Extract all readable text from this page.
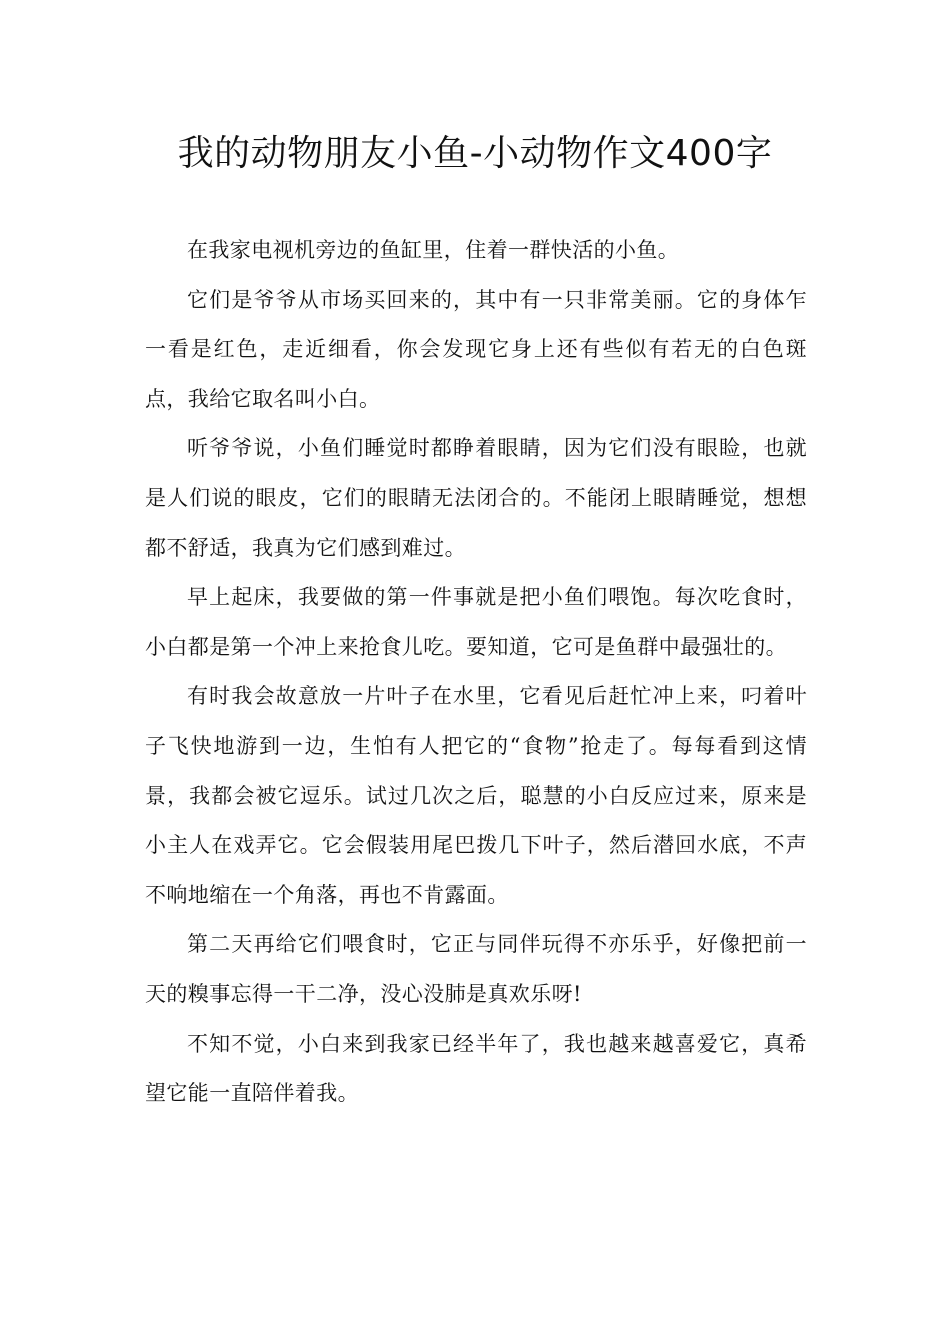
我的动物朋友小鱼-小动物作文400字

在我家电视机旁边的鱼缸里，住着一群快活的小鱼。

它们是爷爷从市场买回来的，其中有一只非常美丽。它的身体乍一看是红色，走近细看，你会发现它身上还有些似有若无的白色斑点，我给它取名叫小白。

听爷爷说，小鱼们睡觉时都睁着眼睛，因为它们没有眼睑，也就是人们说的眼皮，它们的眼睛无法闭合的。不能闭上眼睛睡觉，想想都不舒适，我真为它们感到难过。

早上起床，我要做的第一件事就是把小鱼们喂饱。每次吃食时，小白都是第一个冲上来抢食儿吃。要知道，它可是鱼群中最强壮的。

有时我会故意放一片叶子在水里，它看见后赶忙冲上来，叼着叶子飞快地游到一边，生怕有人把它的“食物”抢走了。每每看到这情景，我都会被它逗乐。试过几次之后，聪慧的小白反应过来，原来是小主人在戏弄它。它会假装用尾巴拨几下叶子，然后潜回水底，不声不响地缩在一个角落，再也不肯露面。

第二天再给它们喂食时，它正与同伴玩得不亦乐乎，好像把前一天的糗事忘得一干二净，没心没肺是真欢乐呀!

不知不觉，小白来到我家已经半年了，我也越来越喜爱它，真希望它能一直陪伴着我。
